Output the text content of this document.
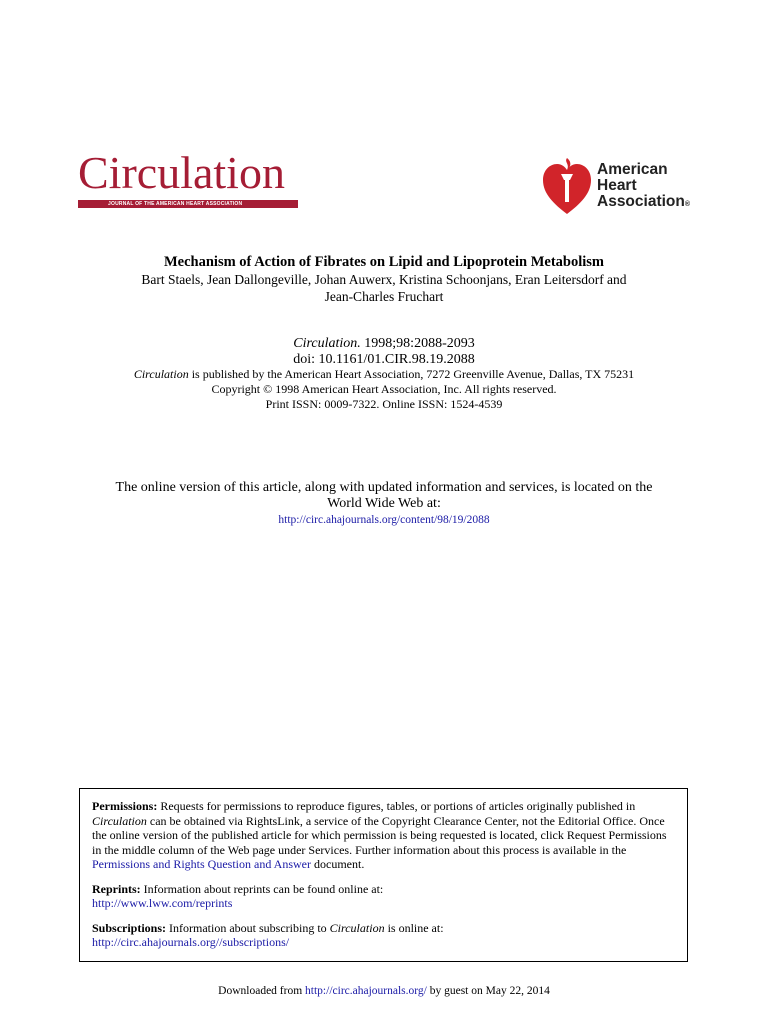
Circulation
JOURNAL OF THE AMERICAN HEART ASSOCIATION
American
Heart
Association®
Mechanism of Action of Fibrates on Lipid and Lipoprotein Metabolism
Bart Staels, Jean Dallongeville, Johan Auwerx, Kristina Schoonjans, Eran Leitersdorf and
Jean-Charles Fruchart
Circulation. 1998;98:2088-2093
doi: 10.1161/01.CIR.98.19.2088
Circulation is published by the American Heart Association, 7272 Greenville Avenue, Dallas, TX 75231
Copyright © 1998 American Heart Association, Inc. All rights reserved.
Print ISSN: 0009-7322. Online ISSN: 1524-4539
The online version of this article, along with updated information and services, is located on the
World Wide Web at:
http://circ.ahajournals.org/content/98/19/2088

Permissions: Requests for permissions to reproduce figures, tables, or portions of articles originally published in Circulation can be obtained via RightsLink, a service of the Copyright Clearance Center, not the Editorial Office. Once the online version of the published article for which permission is being requested is located, click Request Permissions in the middle column of the Web page under Services. Further information about this process is available in the Permissions and Rights Question and Answer document.

Reprints: Information about reprints can be found online at:
http://www.lww.com/reprints

Subscriptions: Information about subscribing to Circulation is online at:
http://circ.ahajournals.org//subscriptions/

Downloaded from http://circ.ahajournals.org/ by guest on May 22, 2014
